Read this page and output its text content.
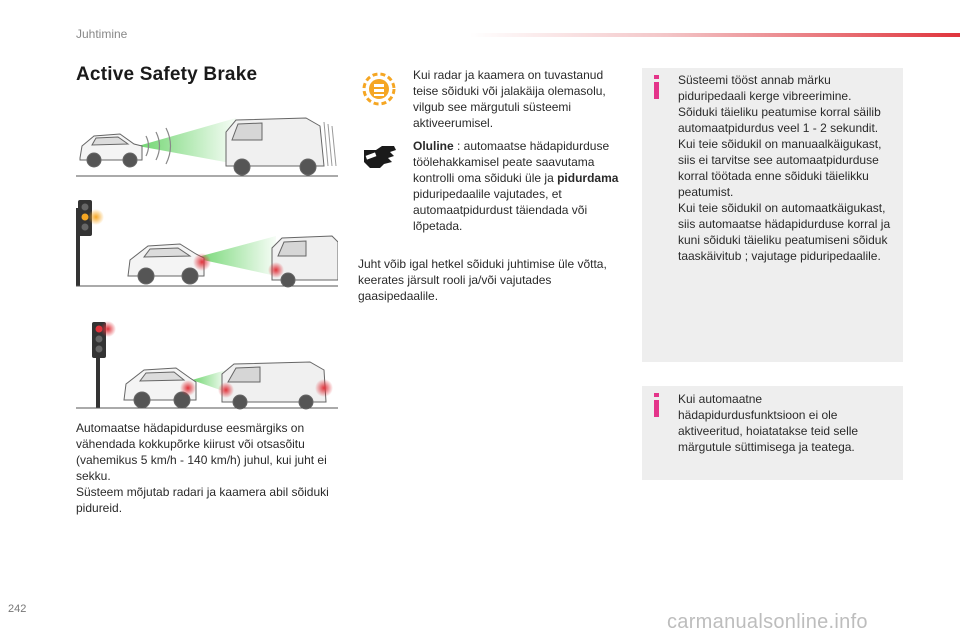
Juhtimine
Active Safety Brake
Automaatse hädapidurduse eesmärgiks on vähendada kokkupõrke kiirust või otsasõitu (vahemikus 5 km/h - 140 km/h) juhul, kui juht ei sekku.
Süsteem mõjutab radari ja kaamera abil sõiduki pidureid.
Kui radar ja kaamera on tuvastanud teise sõiduki või jalakäija olemasolu, vilgub see märgutuli süsteemi aktiveerumisel.
Oluline : automaatse hädapidurduse töölehakkamisel peate saavutama kontrolli oma sõiduki üle ja pidurdama piduripedaalile vajutades, et automaatpidurdust täiendada või lõpetada.
Juht võib igal hetkel sõiduki juhtimise üle võtta, keerates järsult rooli ja/või vajutades gaasipedaalile.
Süsteemi tööst annab märku piduripedaali kerge vibreerimine.
Sõiduki täieliku peatumise korral säilib automaatpidurdus veel 1 - 2 sekundit.
Kui teie sõidukil on manuaalkäigukast, siis ei tarvitse see automaatpidurduse korral töötada enne sõiduki täielikku peatumist.
Kui teie sõidukil on automaatkäigukast, siis automaatse hädapidurduse korral ja kuni sõiduki täieliku peatumiseni sõiduk taaskäivitub ; vajutage piduripedaalile.
Kui automaatne hädapidurdusfunktsioon ei ole aktiveeritud, hoiatatakse teid selle märgutule süttimisega ja teatega.
242
carmanualsonline.info
